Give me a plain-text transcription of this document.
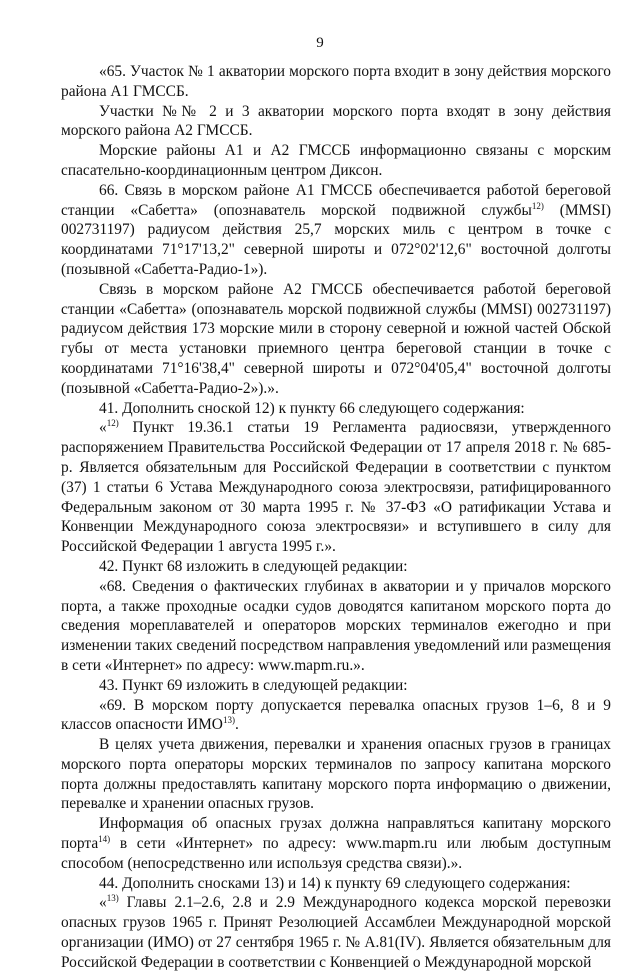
9

«65. Участок № 1 акватории морского порта входит в зону действия морского района А1 ГМССБ.

Участки №№ 2 и 3 акватории морского порта входят в зону действия морского района А2 ГМССБ.

Морские районы А1 и А2 ГМССБ информационно связаны с морским спасательно-координационным центром Диксон.

66. Связь в морском районе А1 ГМССБ обеспечивается работой береговой станции «Сабетта» (опознаватель морской подвижной службы$^{12)}$ (MMSI) 002731197) радиусом действия 25,7 морских миль с центром в точке с координатами 71°17'13,2" северной широты и 072°02'12,6" восточной долготы (позывной «Сабетта-Радио-1»).

Связь в морском районе А2 ГМССБ обеспечивается работой береговой станции «Сабетта» (опознаватель морской подвижной службы (MMSI) 002731197) радиусом действия 173 морские мили в сторону северной и южной частей Обской губы от места установки приемного центра береговой станции в точке с координатами 71°16'38,4" северной широты и 072°04'05,4" восточной долготы (позывной «Сабетта-Радио-2»).».

41. Дополнить сноской 12) к пункту 66 следующего содержания:

«$^{12)}$ Пункт 19.36.1 статьи 19 Регламента радиосвязи, утвержденного распоряжением Правительства Российской Федерации от 17 апреля 2018 г. № 685-р. Является обязательным для Российской Федерации в соответствии с пунктом (37) 1 статьи 6 Устава Международного союза электросвязи, ратифицированного Федеральным законом от 30 марта 1995 г. № 37-ФЗ «О ратификации Устава и Конвенции Международного союза электросвязи» и вступившего в силу для Российской Федерации 1 августа 1995 г.».

42. Пункт 68 изложить в следующей редакции:

«68. Сведения о фактических глубинах в акватории и у причалов морского порта, а также проходные осадки судов доводятся капитаном морского порта до сведения мореплавателей и операторов морских терминалов ежегодно и при изменении таких сведений посредством направления уведомлений или размещения в сети «Интернет» по адресу: www.mapm.ru.».

43. Пункт 69 изложить в следующей редакции:

«69. В морском порту допускается перевалка опасных грузов 1–6, 8 и 9 классов опасности ИМО$^{13)}$.

В целях учета движения, перевалки и хранения опасных грузов в границах морского порта операторы морских терминалов по запросу капитана морского порта должны предоставлять капитану морского порта информацию о движении, перевалке и хранении опасных грузов.

Информация об опасных грузах должна направляться капитану морского порта$^{14)}$ в сети «Интернет» по адресу: www.mapm.ru или любым доступным способом (непосредственно или используя средства связи).».

44. Дополнить сносками 13) и 14) к пункту 69 следующего содержания:

«$^{13)}$ Главы 2.1–2.6, 2.8 и 2.9 Международного кодекса морской перевозки опасных грузов 1965 г. Принят Резолюцией Ассамблеи Международной морской организации (ИМО) от 27 сентября 1965 г. № A.81(IV). Является обязательным для Российской Федерации в соответствии с Конвенцией о Международной морской
